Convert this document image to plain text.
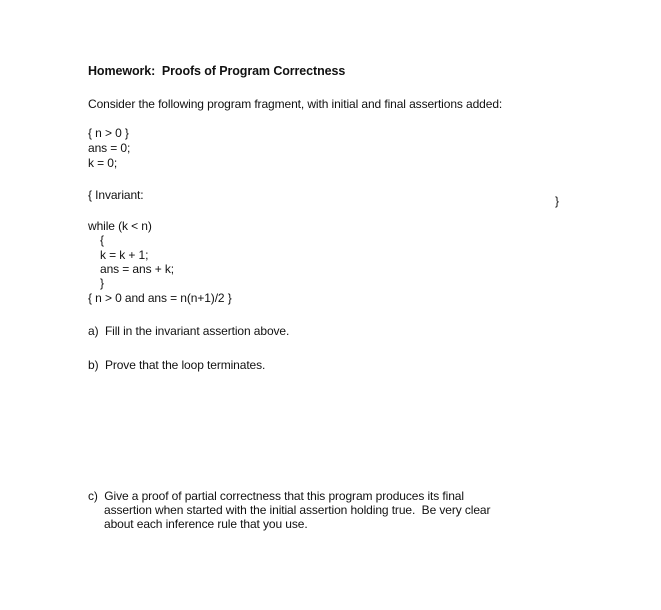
Homework:  Proofs of Program Correctness
Consider the following program fragment, with initial and final assertions added:
{ n > 0 }
ans = 0;
k = 0;
{ Invariant:	}
while (k < n)
{
k = k + 1;
ans = ans + k;
}
{ n > 0 and ans = n(n+1)/2 }
a)  Fill in the invariant assertion above.
b)  Prove that the loop terminates.
c)  Give a proof of partial correctness that this program produces its final
assertion when started with the initial assertion holding true.  Be very clear
about each inference rule that you use.
